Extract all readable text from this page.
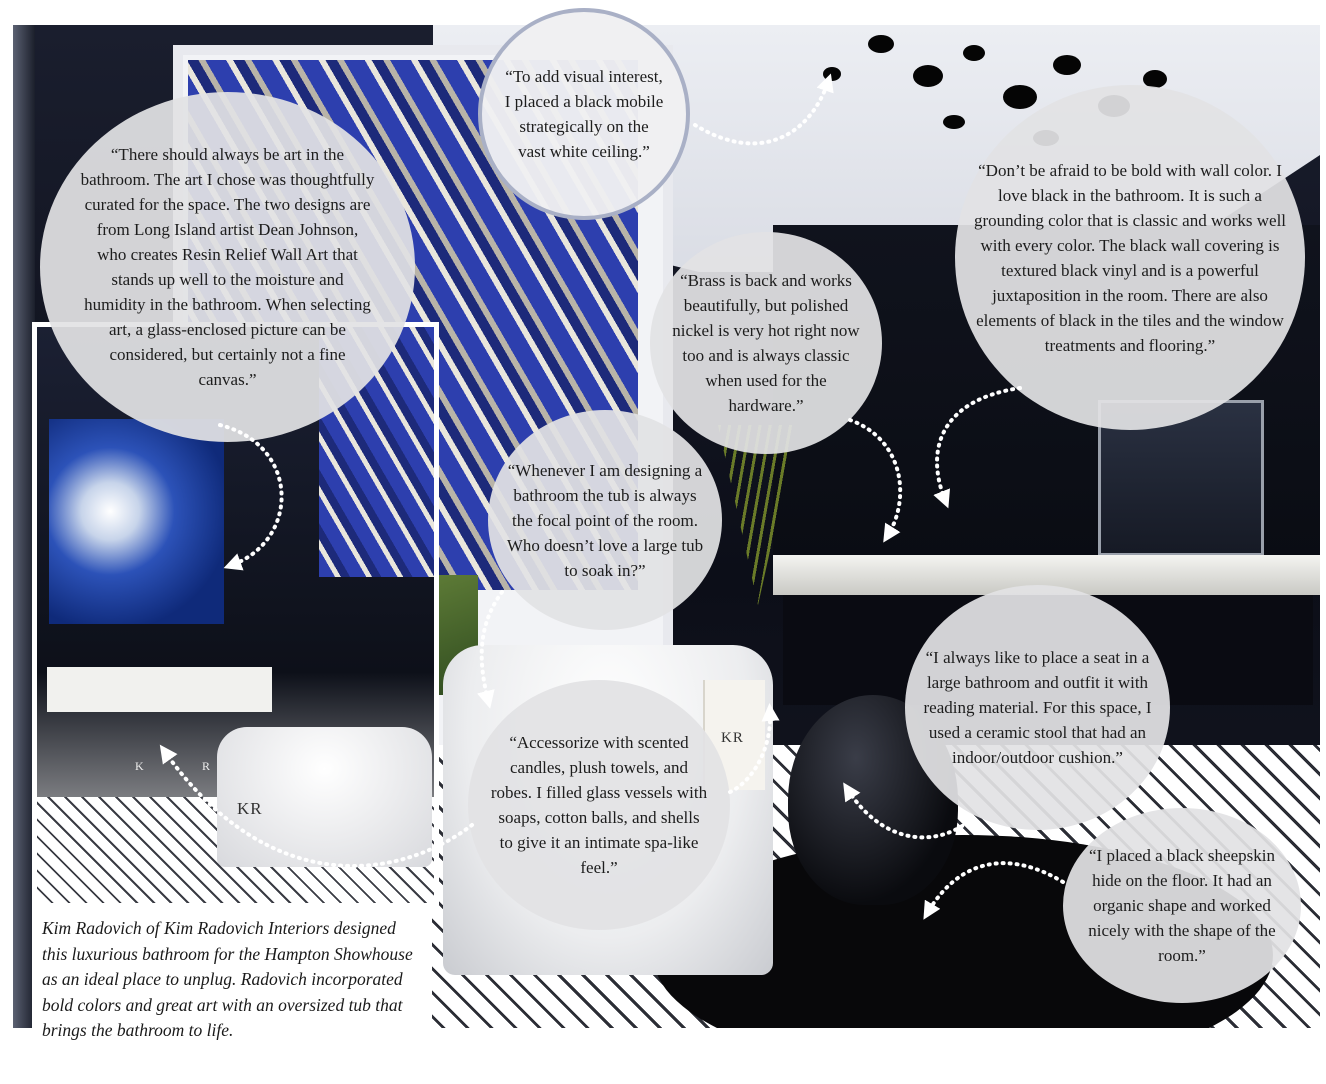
KR
KR
K	R
Kim Radovich of Kim Radovich Interiors designed this luxurious bathroom for the Hampton Showhouse as an ideal place to unplug. Radovich incorporated bold colors and great art with an oversized tub that brings the bathroom to life.

“There should always be art in the bathroom. The art I chose was thoughtfully curated for the space. The two designs are from Long Island artist Dean Johnson, who creates Resin Relief Wall Art that stands up well to the moisture and humidity in the bathroom. When selecting art, a glass-enclosed picture can be considered, but certainly not a fine canvas.”

“To add visual interest, I placed a black mobile strategically on the vast white ceiling.”

“Don’t be afraid to be bold with wall color. I love black in the bathroom. It is such a grounding color that is classic and works well with every color. The black wall covering is textured black vinyl and is a powerful juxtaposition in the room. There are also elements of black in the tiles and the window treatments and flooring.”

“Brass is back and works beautifully, but polished nickel is very hot right now too and is always classic when used for the hardware.”

“Whenever I am designing a bathroom the tub is always the focal point of the room. Who doesn’t love a large tub to soak in?”

“I always like to place a seat in a large bathroom and outfit it with reading material. For this space, I used a ceramic stool that had an indoor/outdoor cushion.”

“Accessorize with scented candles, plush towels, and robes. I filled glass vessels with soaps, cotton balls, and shells to give it an intimate spa-like feel.”

“I placed a black sheepskin hide on the floor. It had an organic shape and worked nicely with the shape of the room.”
